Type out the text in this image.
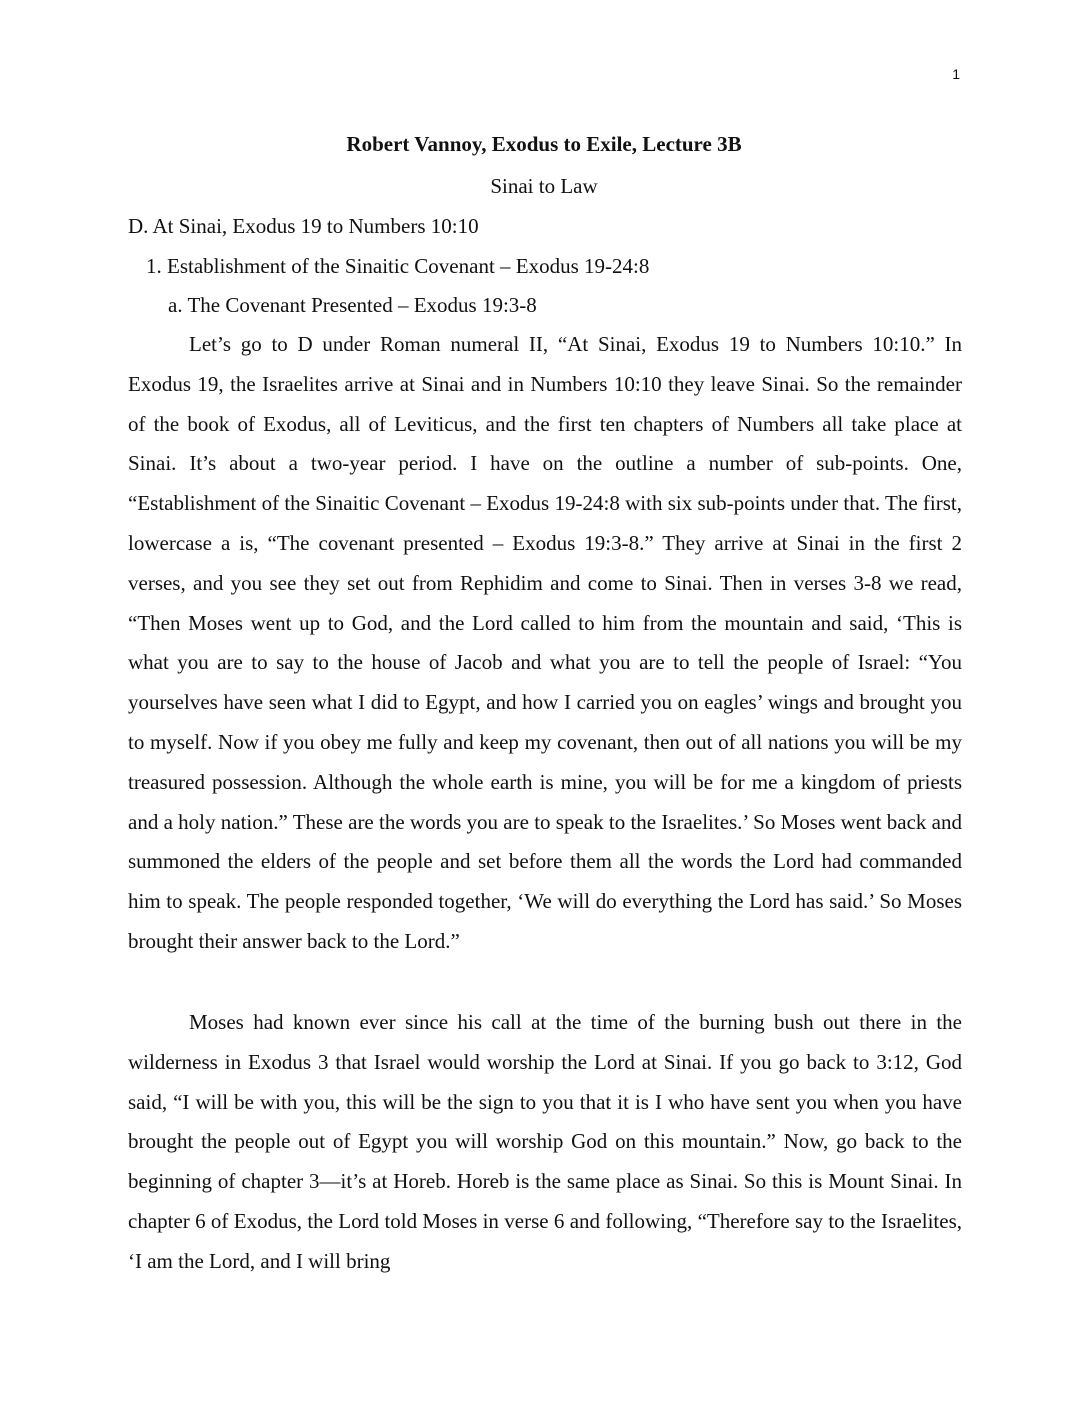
1
Robert Vannoy, Exodus to Exile, Lecture 3B
Sinai to Law
D. At Sinai, Exodus 19 to Numbers 10:10
1. Establishment of the Sinaitic Covenant – Exodus 19-24:8
a. The Covenant Presented – Exodus 19:3-8

Let’s go to D under Roman numeral II, “At Sinai, Exodus 19 to Numbers 10:10.” In Exodus 19, the Israelites arrive at Sinai and in Numbers 10:10 they leave Sinai. So the remainder of the book of Exodus, all of Leviticus, and the first ten chapters of Numbers all take place at Sinai. It’s about a two-year period. I have on the outline a number of sub-points. One, “Establishment of the Sinaitic Covenant – Exodus 19-24:8 with six sub-points under that. The first, lowercase a is, “The covenant presented – Exodus 19:3-8.” They arrive at Sinai in the first 2 verses, and you see they set out from Rephidim and come to Sinai. Then in verses 3-8 we read, “Then Moses went up to God, and the Lord called to him from the mountain and said, ‘This is what you are to say to the house of Jacob and what you are to tell the people of Israel: “You yourselves have seen what I did to Egypt, and how I carried you on eagles’ wings and brought you to myself. Now if you obey me fully and keep my covenant, then out of all nations you will be my treasured possession. Although the whole earth is mine, you will be for me a kingdom of priests and a holy nation.” These are the words you are to speak to the Israelites.’ So Moses went back and summoned the elders of the people and set before them all the words the Lord had commanded him to speak. The people responded together, ‘We will do everything the Lord has said.’ So Moses brought their answer back to the Lord.”

Moses had known ever since his call at the time of the burning bush out there in the wilderness in Exodus 3 that Israel would worship the Lord at Sinai. If you go back to 3:12, God said, “I will be with you, this will be the sign to you that it is I who have sent you when you have brought the people out of Egypt you will worship God on this mountain.” Now, go back to the beginning of chapter 3—it’s at Horeb. Horeb is the same place as Sinai. So this is Mount Sinai. In chapter 6 of Exodus, the Lord told Moses in verse 6 and following, “Therefore say to the Israelites, ‘I am the Lord, and I will bring
